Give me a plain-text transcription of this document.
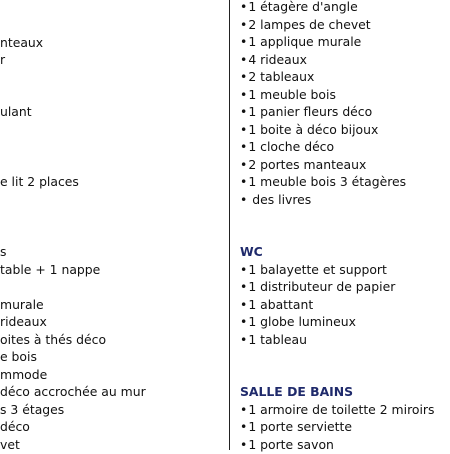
nteaux
r
ulant
e lit 2 places
s
table + 1 nappe
murale
rideaux
oites à thés déco
e bois
mmode
déco accrochée au mur
s 3 étages
déco
vet
•1 étagère d'angle
•2 lampes de chevet
•1 applique murale
•4 rideaux
•2 tableaux
•1 meuble bois
•1 panier fleurs déco
•1 boite à déco bijoux
•1 cloche déco
•2 portes manteaux
•1 meuble bois 3 étagères
• des livres
WC
•1 balayette et support
•1 distributeur de papier
•1 abattant
•1 globe lumineux
•1 tableau
SALLE DE BAINS
•1 armoire de toilette 2 miroirs
•1 porte serviette
•1 porte savon
